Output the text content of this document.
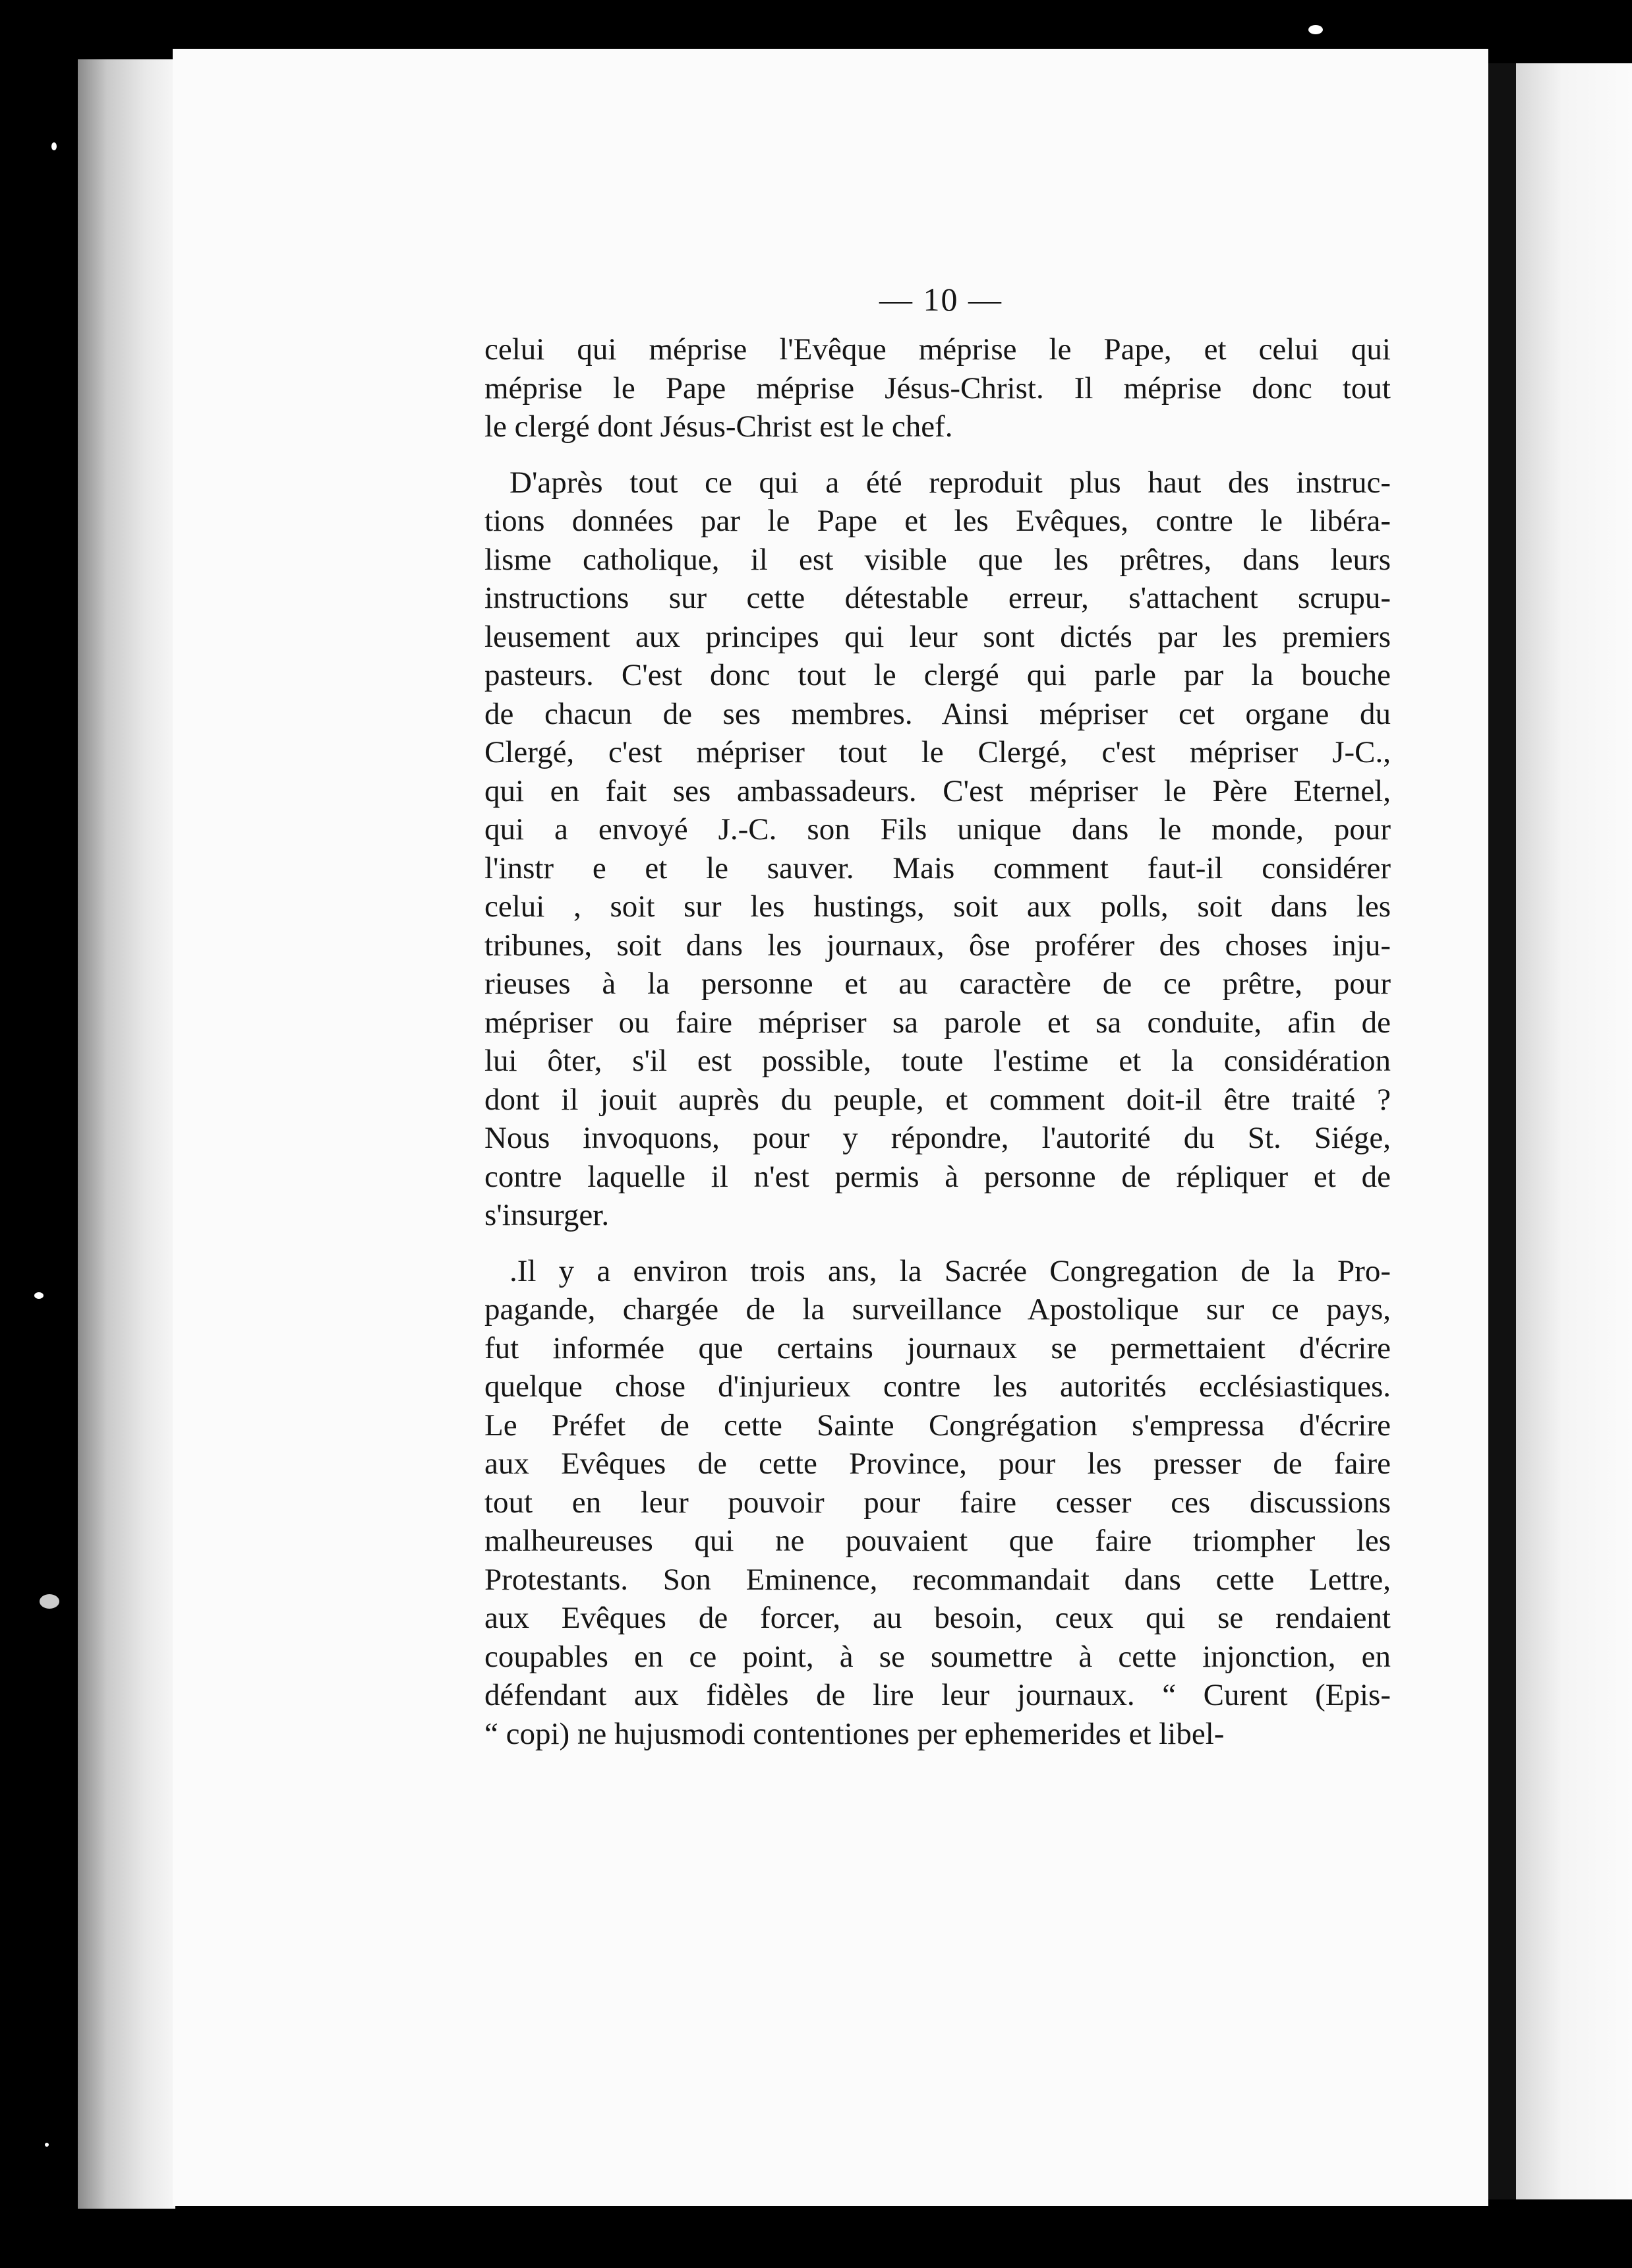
— 10 —
celui qui méprise l'Evêque méprise le Pape, et celui qui
méprise le Pape méprise Jésus-Christ. Il méprise donc tout
le clergé dont Jésus-Christ est le chef.
D'après tout ce qui a été reproduit plus haut des instruc-
tions données par le Pape et les Evêques, contre le libéra-
lisme catholique, il est visible que les prêtres, dans leurs
instructions sur cette détestable erreur, s'attachent scrupu-
leusement aux principes qui leur sont dictés par les premiers
pasteurs. C'est donc tout le clergé qui parle par la bouche
de chacun de ses membres. Ainsi mépriser cet organe du
Clergé, c'est mépriser tout le Clergé, c'est mépriser J-C.,
qui en fait ses ambassadeurs. C'est mépriser le Père Eternel,
qui a envoyé J.-C. son Fils unique dans le monde, pour
l'instr e et le sauver. Mais comment faut-il considérer
celui , soit sur les hustings, soit aux polls, soit dans les
tribunes, soit dans les journaux, ôse proférer des choses inju-
rieuses à la personne et au caractère de ce prêtre, pour
mépriser ou faire mépriser sa parole et sa conduite, afin de
lui ôter, s'il est possible, toute l'estime et la considération
dont il jouit auprès du peuple, et comment doit-il être traité ?
Nous invoquons, pour y répondre, l'autorité du St. Siége,
contre laquelle il n'est permis à personne de répliquer et de
s'insurger.
.Il y a environ trois ans, la Sacrée Congregation de la Pro-
pagande, chargée de la surveillance Apostolique sur ce pays,
fut informée que certains journaux se permettaient d'écrire
quelque chose d'injurieux contre les autorités ecclésiastiques.
Le Préfet de cette Sainte Congrégation s'empressa d'écrire
aux Evêques de cette Province, pour les presser de faire
tout en leur pouvoir pour faire cesser ces discussions
malheureuses qui ne pouvaient que faire triompher les
Protestants. Son Eminence, recommandait dans cette Lettre,
aux Evêques de forcer, au besoin, ceux qui se rendaient
coupables en ce point, à se soumettre à cette injonction, en
défendant aux fidèles de lire leur journaux. “ Curent (Epis-
“ copi) ne hujusmodi contentiones per ephemerides et libel-
